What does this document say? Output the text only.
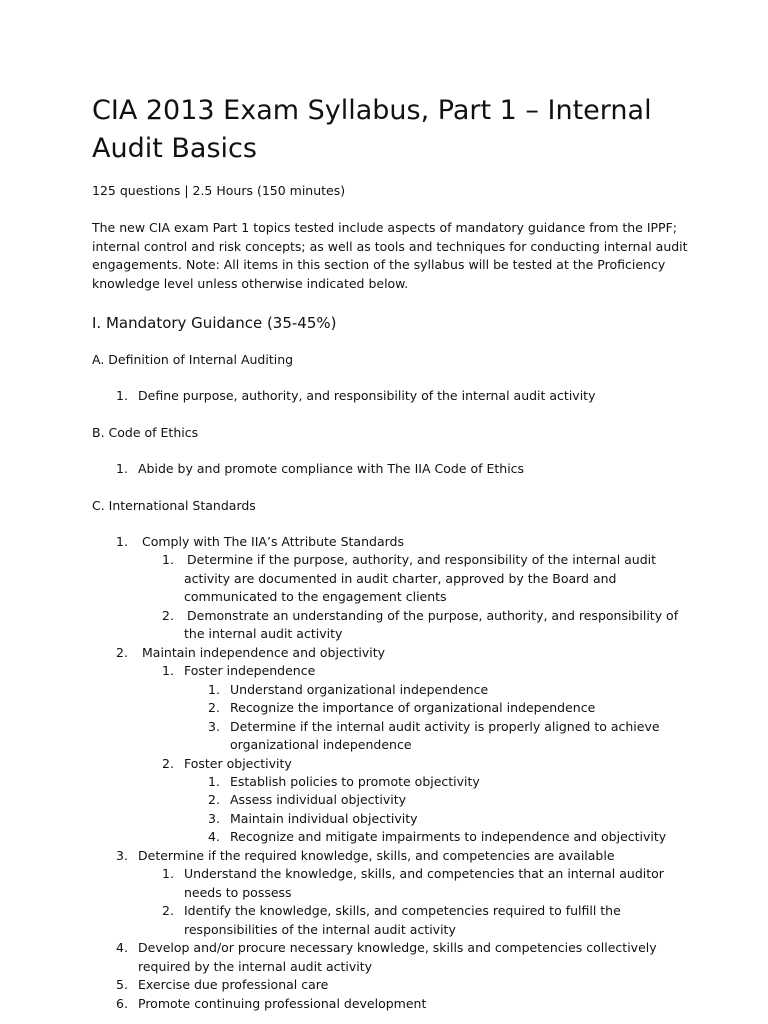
CIA 2013 Exam Syllabus, Part 1 – Internal Audit Basics
125 questions | 2.5 Hours (150 minutes)
The new CIA exam Part 1 topics tested include aspects of mandatory guidance from the IPPF; internal control and risk concepts; as well as tools and techniques for conducting internal audit engagements. Note: All items in this section of the syllabus will be tested at the Proficiency knowledge level unless otherwise indicated below.
I. Mandatory Guidance (35-45%)
A. Definition of Internal Auditing
B. Code of Ethics
C. International Standards
1. Define purpose, authority, and responsibility of the internal audit activity
1. Abide by and promote compliance with The IIA Code of Ethics
1. Comply with The IIA’s Attribute Standards
1. Determine if the purpose, authority, and responsibility of the internal audit
activity are documented in audit charter, approved by the Board and
communicated to the engagement clients
2. Demonstrate an understanding of the purpose, authority, and responsibility of
the internal audit activity
2. Maintain independence and objectivity
1. Foster independence
1. Understand organizational independence
2. Recognize the importance of organizational independence
3. Determine if the internal audit activity is properly aligned to achieve
organizational independence
2. Foster objectivity
1. Establish policies to promote objectivity
2. Assess individual objectivity
3. Maintain individual objectivity
4. Recognize and mitigate impairments to independence and objectivity
3. Determine if the required knowledge, skills, and competencies are available
1. Understand the knowledge, skills, and competencies that an internal auditor
needs to possess
2. Identify the knowledge, skills, and competencies required to fulfill the
responsibilities of the internal audit activity
4. Develop and/or procure necessary knowledge, skills and competencies collectively
required by the internal audit activity
5. Exercise due professional care
6. Promote continuing professional development
